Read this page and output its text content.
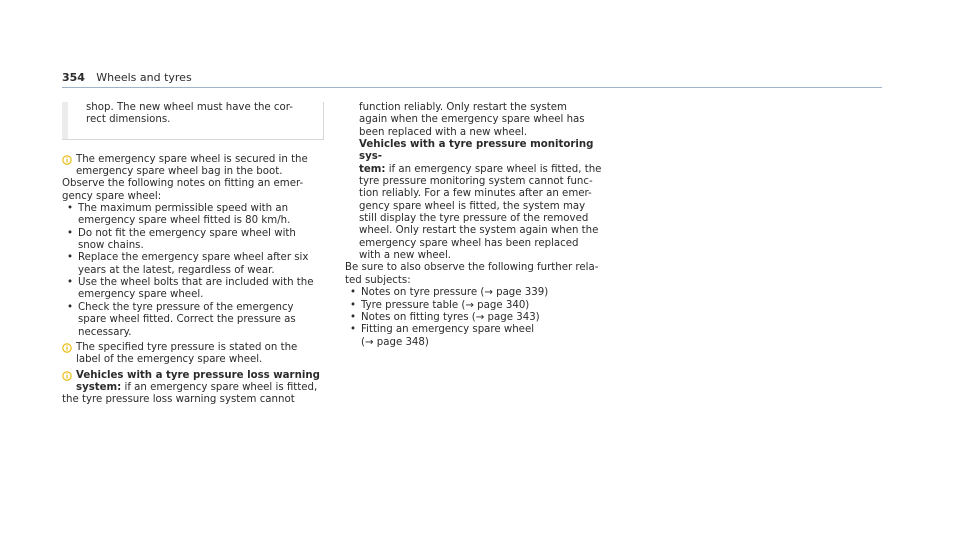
354 Wheels and tyres

shop. The new wheel must have the cor-

rect dimensions.

The emergency spare wheel is secured in the

emergency spare wheel bag in the boot.

Observe the following notes on fitting an emer-

gency spare wheel:

• The maximum permissible speed with an
emergency spare wheel fitted is 80 km/h.
• Do not fit the emergency spare wheel with
snow chains.
• Replace the emergency spare wheel after six
years at the latest, regardless of wear.
• Use the wheel bolts that are included with the
emergency spare wheel.
• Check the tyre pressure of the emergency
spare wheel fitted. Correct the pressure as
necessary.

The specified tyre pressure is stated on the

label of the emergency spare wheel.

Vehicles with a tyre pressure loss warning

system: if an emergency spare wheel is fitted,

the tyre pressure loss warning system cannot

function reliably. Only restart the system

again when the emergency spare wheel has

been replaced with a new wheel.

Vehicles with a tyre pressure monitoring sys-

tem: if an emergency spare wheel is fitted, the

tyre pressure monitoring system cannot func-

tion reliably. For a few minutes after an emer-

gency spare wheel is fitted, the system may

still display the tyre pressure of the removed

wheel. Only restart the system again when the

emergency spare wheel has been replaced

with a new wheel.

Be sure to also observe the following further rela-

ted subjects:

• Notes on tyre pressure (→ page 339)
• Tyre pressure table (→ page 340)
• Notes on fitting tyres (→ page 343)
• Fitting an emergency spare wheel
(→ page 348)
